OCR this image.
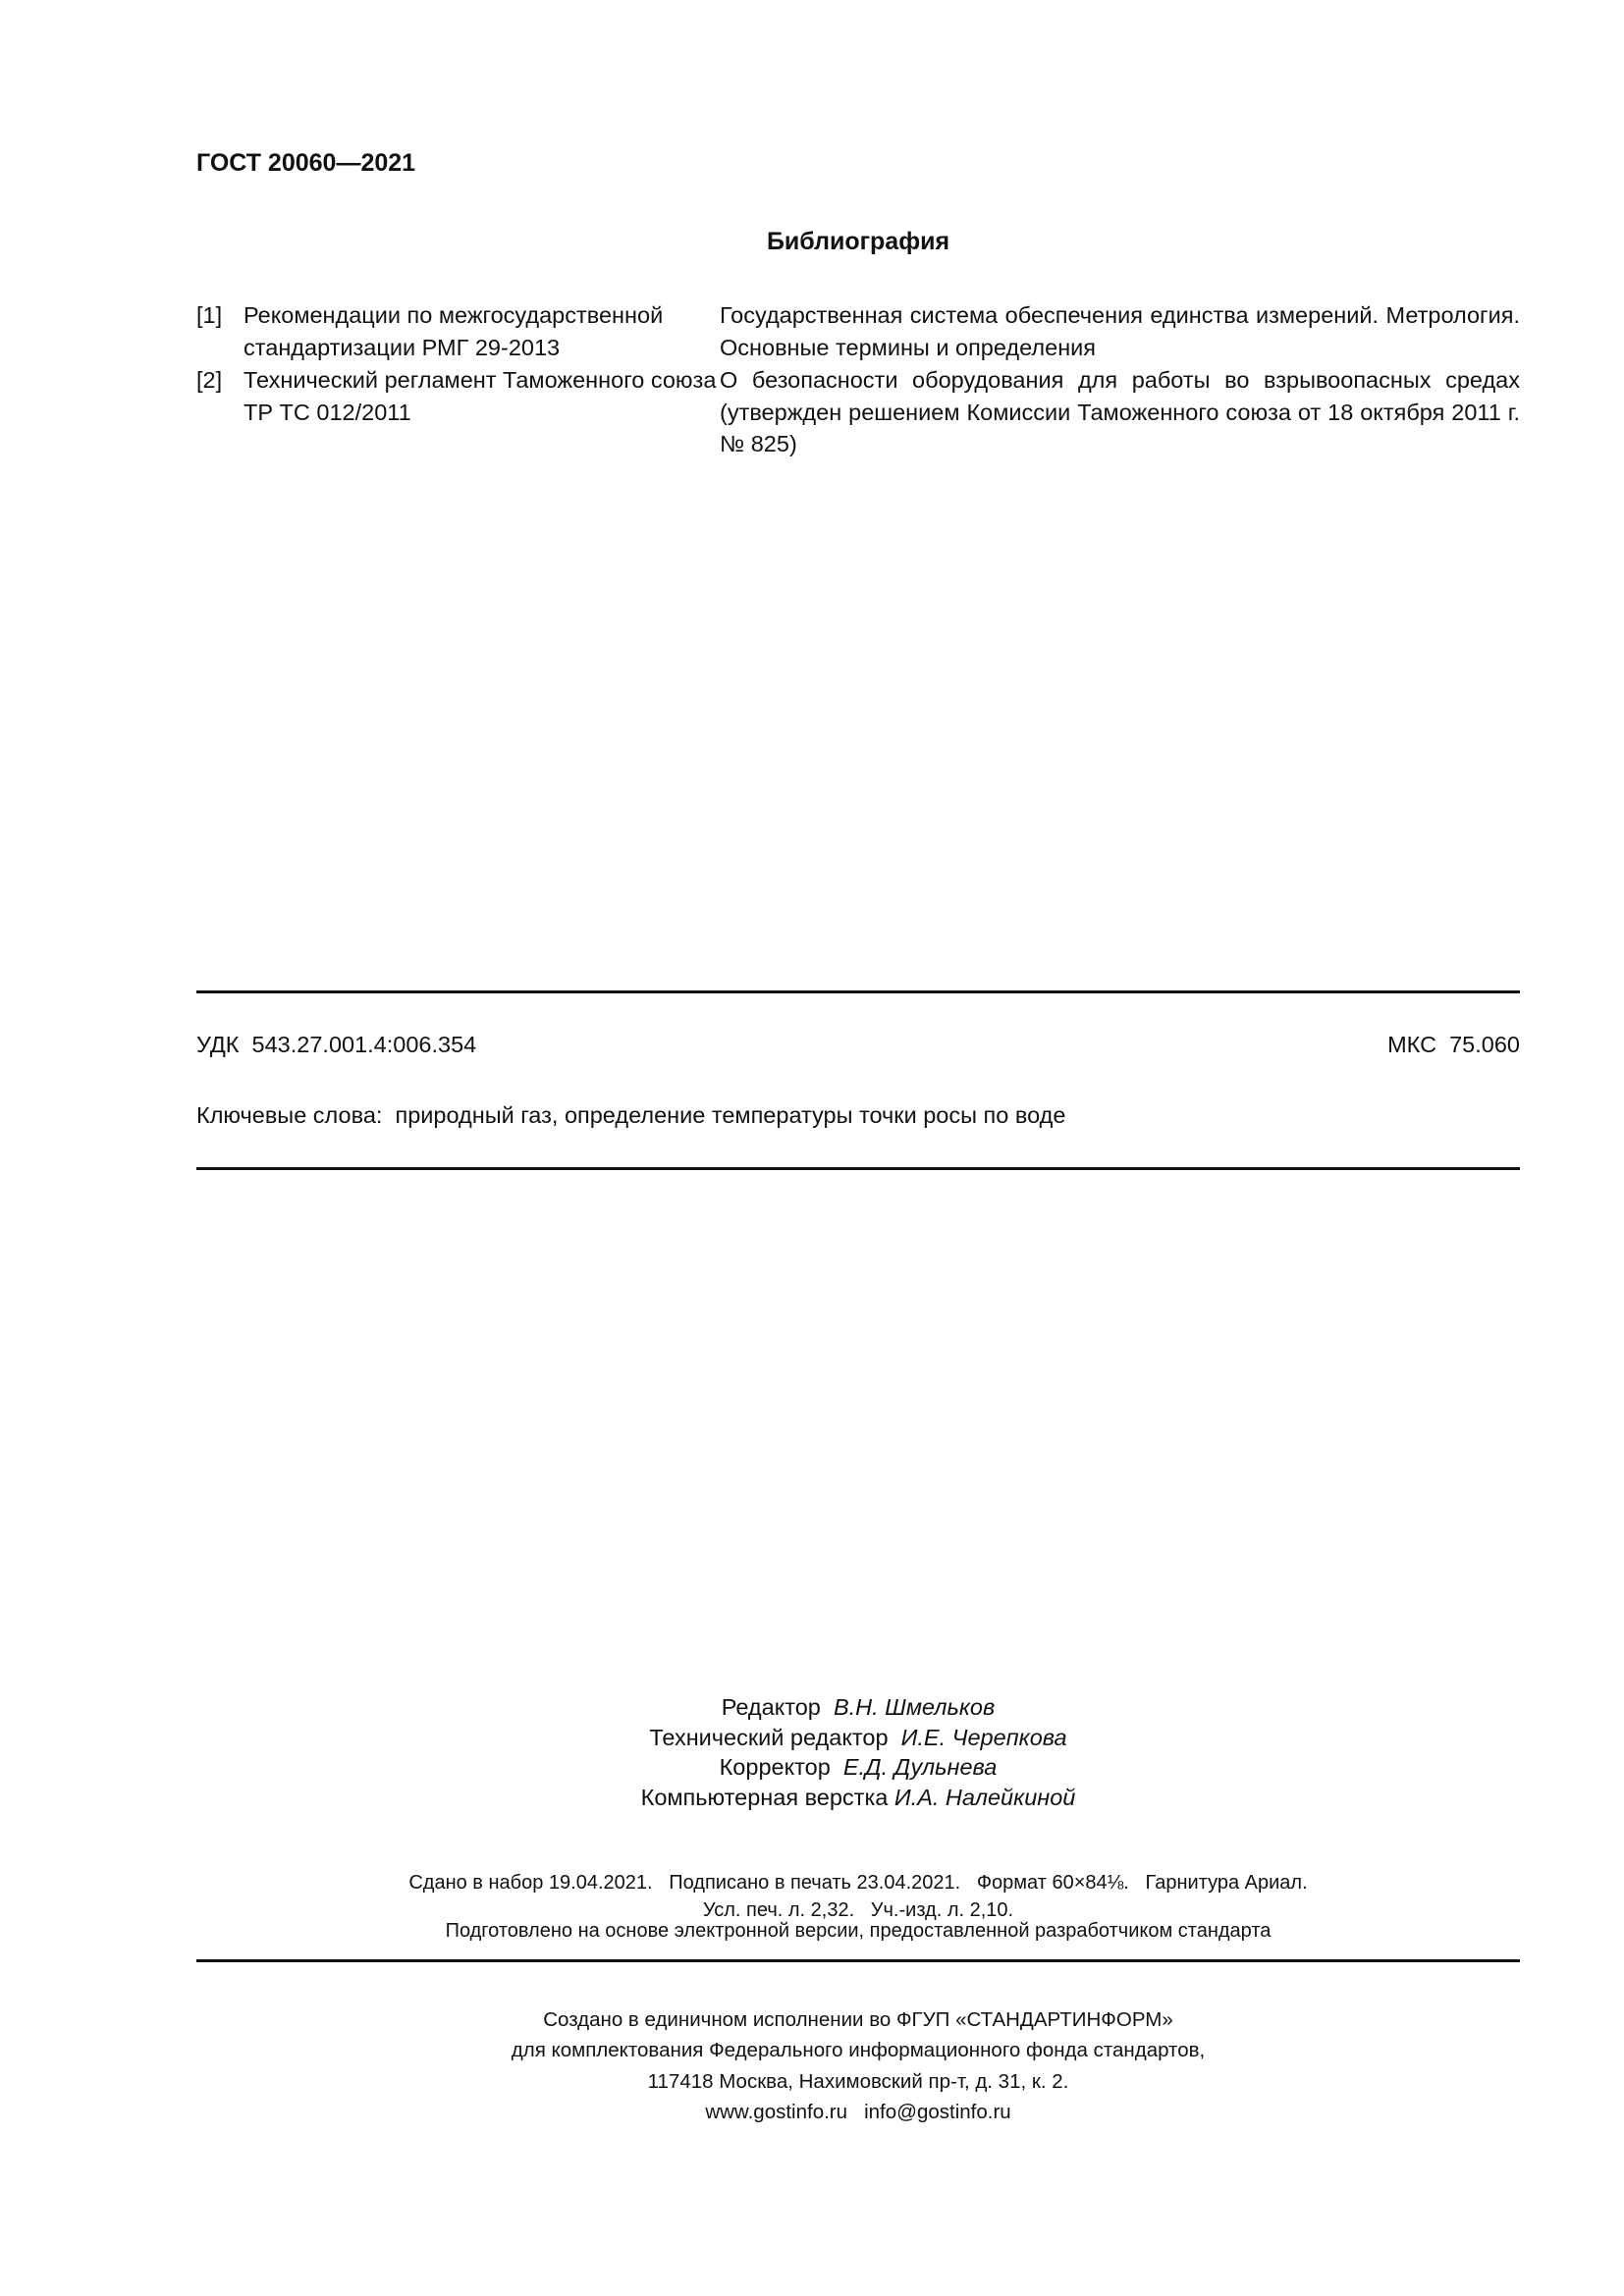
ГОСТ 20060—2021
Библиография
[1] Рекомендации по межгосударственной стандартизации РМГ 29-2013
Государственная система обеспечения единства измерений. Метрология. Основные термины и определения
[2] Технический регламент Таможенного союза ТР ТС 012/2011
О безопасности оборудования для работы во взрывоопасных средах (утвержден решением Комиссии Таможенного союза от 18 октября 2011 г. № 825)
УДК  543.27.001.4:006.354	МКС  75.060
Ключевые слова:  природный газ, определение температуры точки росы по воде
Редактор В.Н. Шмельков
Технический редактор И.Е. Черепкова
Корректор Е.Д. Дульнева
Компьютерная верстка И.А. Налейкиной

Сдано в набор 19.04.2021.   Подписано в печать 23.04.2021.   Формат 60×84⅛.   Гарнитура Ариал.
Усл. печ. л. 2,32.   Уч.-изд. л. 2,10.

Подготовлено на основе электронной версии, предоставленной разработчиком стандарта

Создано в единичном исполнении во ФГУП «СТАНДАРТИНФОРМ»
для комплектования Федерального информационного фонда стандартов,
117418 Москва, Нахимовский пр-т, д. 31, к. 2.
www.gostinfo.ru   info@gostinfo.ru
